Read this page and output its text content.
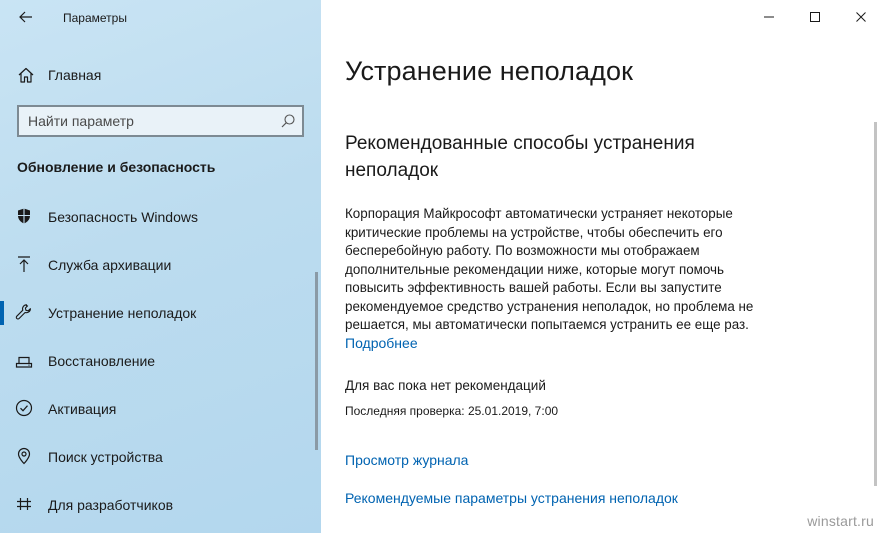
Параметры
Главная
Найти параметр
Обновление и безопасность
Безопасность Windows
Служба архивации
Устранение неполадок
Восстановление
Активация
Поиск устройства
Для разработчиков
Устранение неполадок
Рекомендованные способы устранения неполадок

Корпорация Майкрософт автоматически устраняет некоторые критические проблемы на устройстве, чтобы обеспечить его бесперебойную работу. По возможности мы отображаем дополнительные рекомендации ниже, которые могут помочь повысить эффективность вашей работы. Если вы запустите рекомендуемое средство устранения неполадок, но проблема не решается, мы автоматически попытаемся устранить ее еще раз.

Подробнее
Для вас пока нет рекомендаций
Последняя проверка: 25.01.2019, 7:00
Просмотр журнала
Рекомендуемые параметры устранения неполадок
winstart.ru
